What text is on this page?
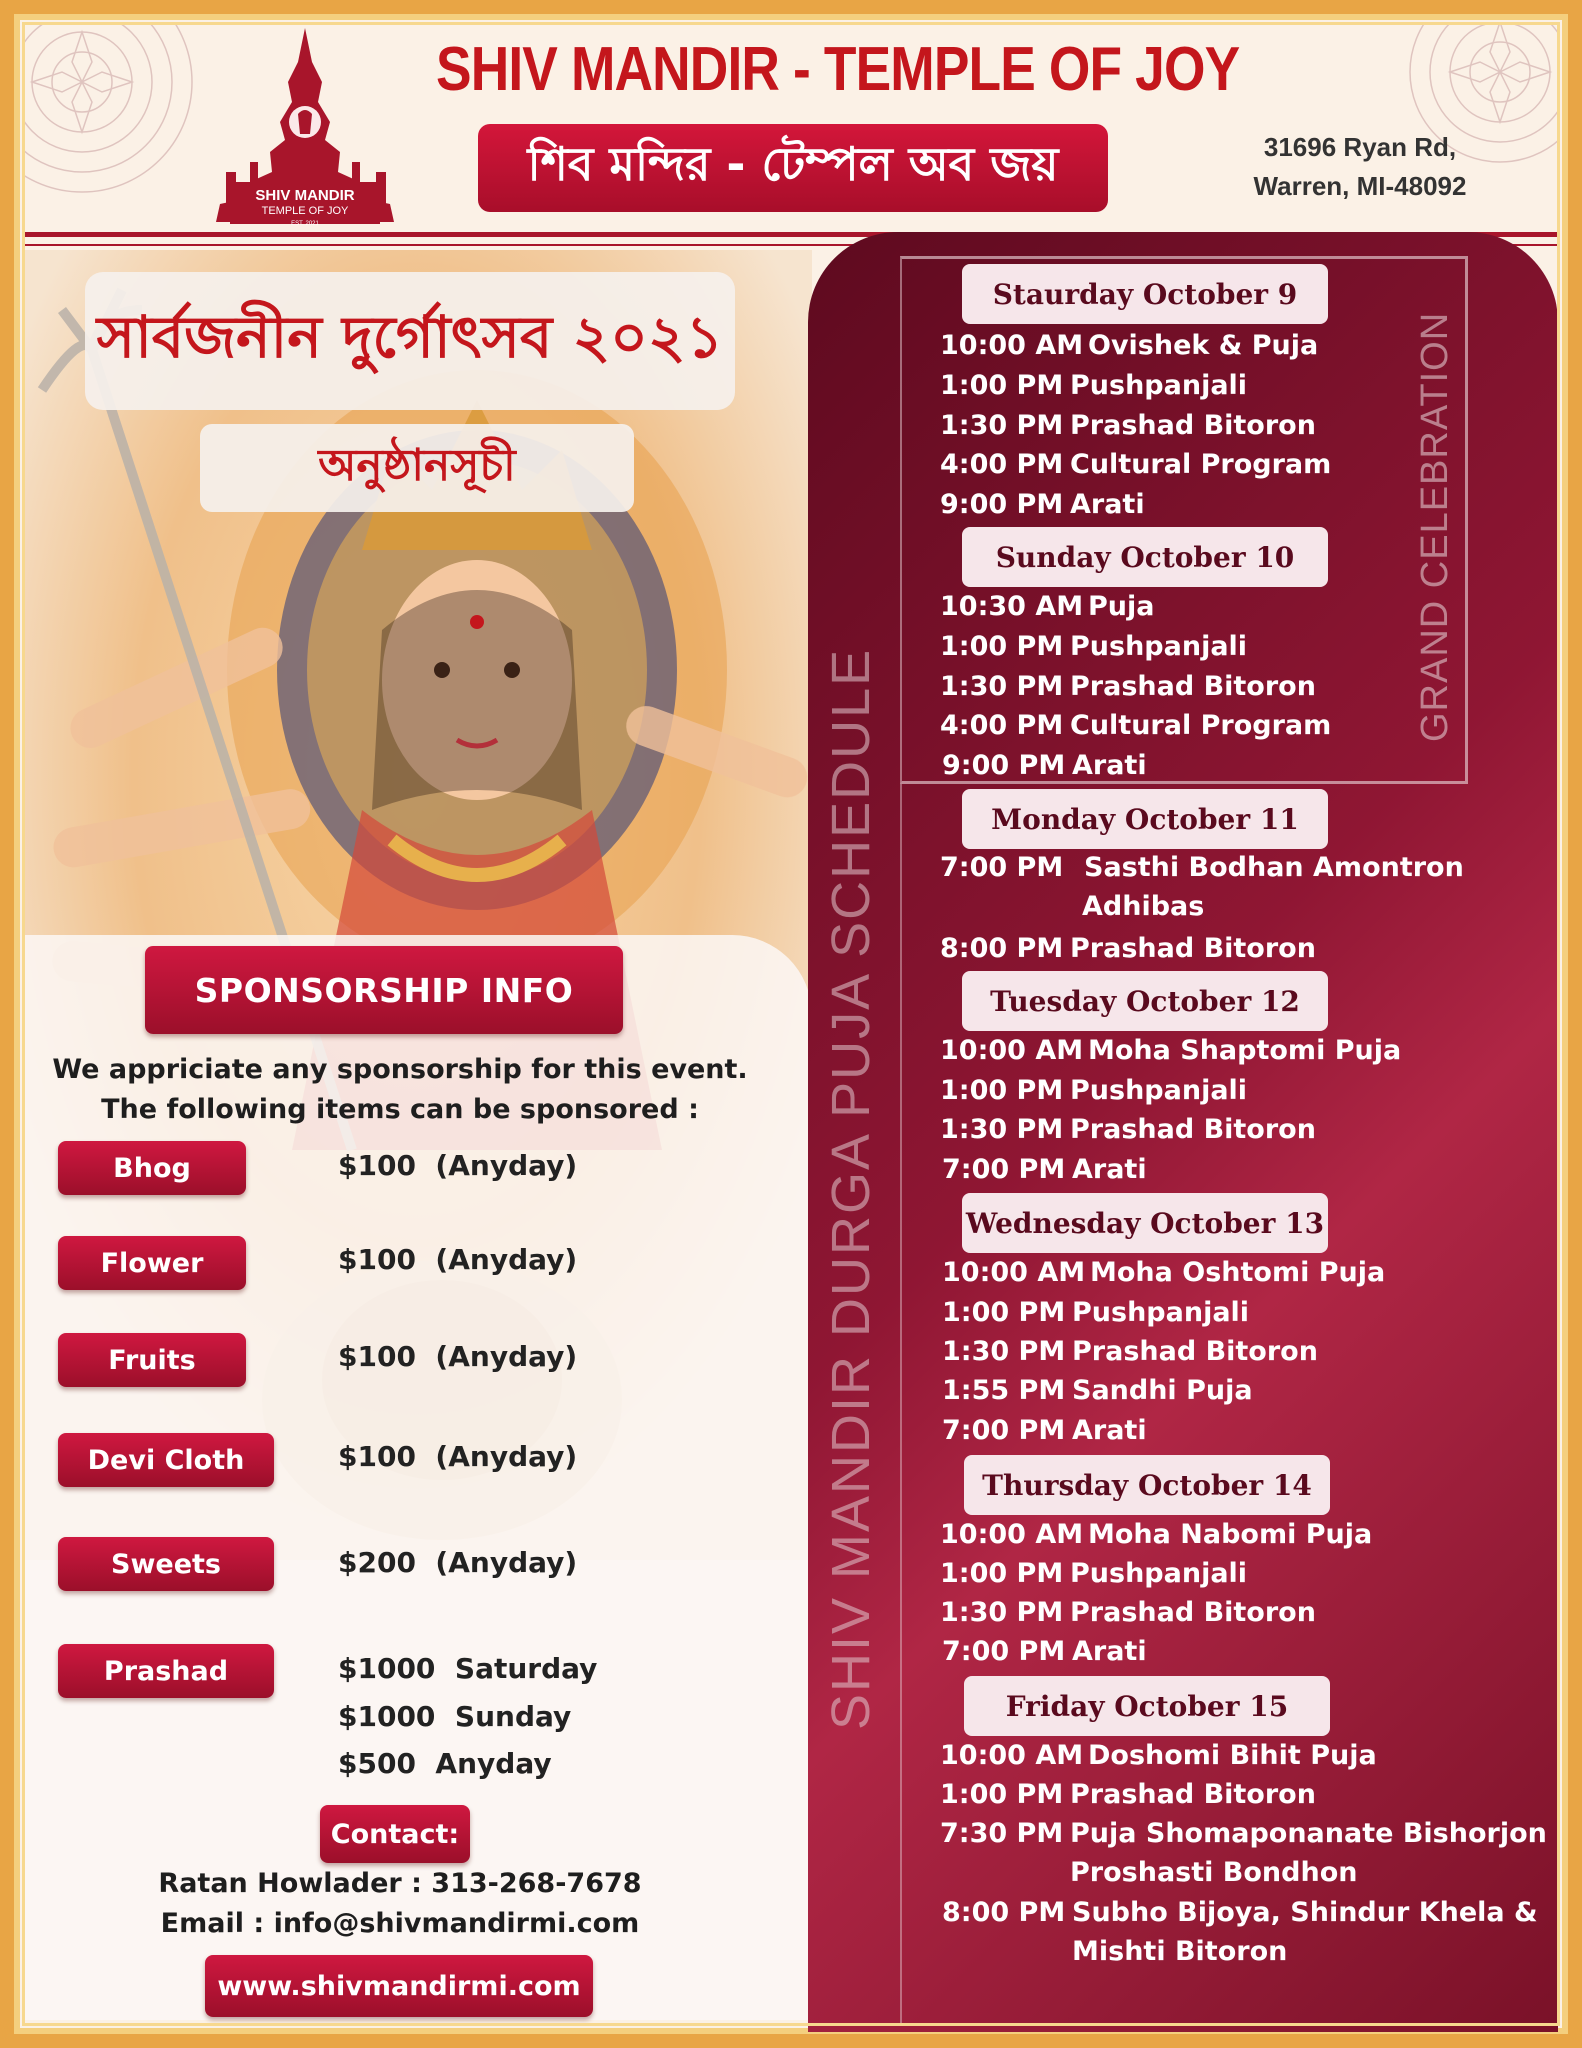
SHIV MANDIR
TEMPLE OF JOY
EST. 2021
SHIV MANDIR - TEMPLE OF JOY
শিব মন্দির - টেম্পল অব জয়	31696 Ryan Rd,
Warren, MI-48092
সার্বজনীন দুর্গোৎসব ২০২১
অনুষ্ঠানসূচী
SPONSORSHIP INFO
We appriciate any sponsorship for this event.
The following items can be sponsored :
Bhog	$100  (Anyday)
Flower	$100  (Anyday)
Fruits	$100  (Anyday)
Devi Cloth	$100  (Anyday)
Sweets	$200  (Anyday)
Prashad	$1000  Saturday
$1000  Sunday
$500  Anyday
Contact:
Ratan Howlader : 313-268-7678
Email : info@shivmandirmi.com
www.shivmandirmi.com
SHIV MANDIR DURGA PUJA SCHEDULE
GRAND CELEBRATION
Staurday October 9
10:00 AM Ovishek & Puja
1:00 PM Pushpanjali
1:30 PM Prashad Bitoron
4:00 PM Cultural Program
9:00 PM Arati
Sunday October 10
10:30 AM Puja
1:00 PM Pushpanjali
1:30 PM Prashad Bitoron
4:00 PM Cultural Program
9:00 PM Arati
Monday October 11
7:00 PM Sasthi Bodhan Amontron
Adhibas
8:00 PM Prashad Bitoron
Tuesday October 12
10:00 AM Moha Shaptomi Puja
1:00 PM Pushpanjali
1:30 PM Prashad Bitoron
7:00 PM Arati
Wednesday October 13
10:00 AM Moha Oshtomi Puja
1:00 PM Pushpanjali
1:30 PM Prashad Bitoron
1:55 PM Sandhi Puja
7:00 PM Arati
Thursday October 14
10:00 AM Moha Nabomi Puja
1:00 PM Pushpanjali
1:30 PM Prashad Bitoron
7:00 PM Arati
Friday October 15
10:00 AM Doshomi Bihit Puja
1:00 PM Prashad Bitoron
7:30 PM Puja Shomaponanate Bishorjon
Proshasti Bondhon
8:00 PM Subho Bijoya, Shindur Khela &
Mishti Bitoron
